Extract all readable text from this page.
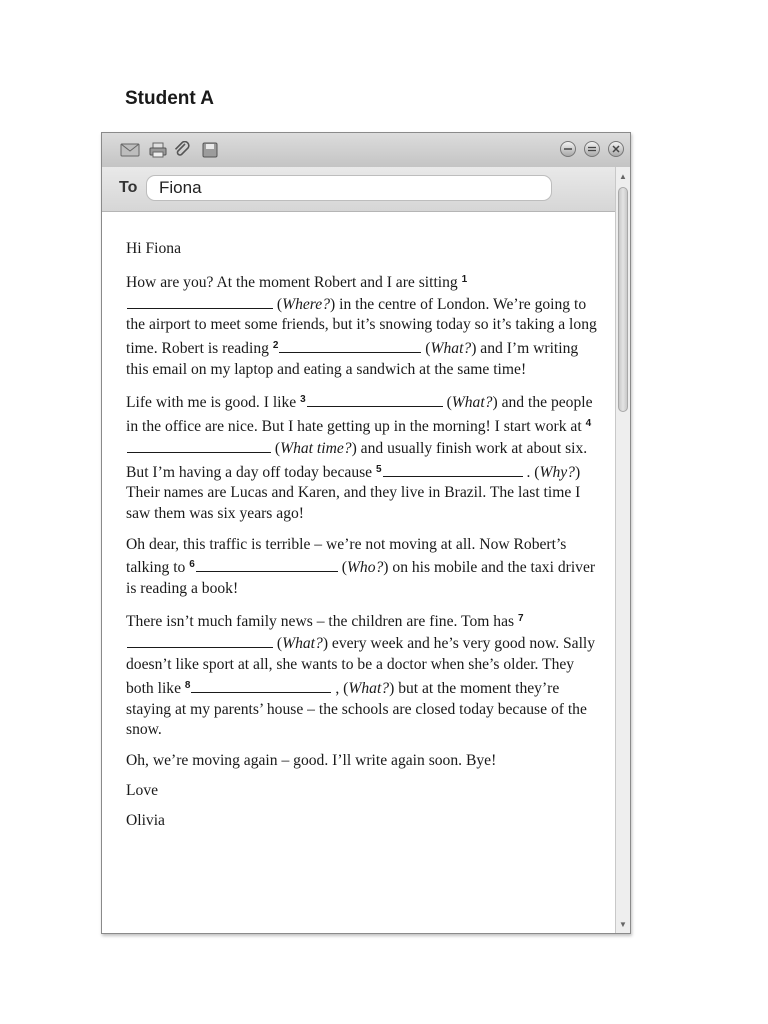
Student A
To	Fiona
▲
▼

Hi Fiona

How are you? At the moment Robert and I are sitting $^1$ (Where?) in the centre of London. We’re going to the airport to meet some friends, but it’s snowing today so it’s taking a long time. Robert is reading $^2$	(What?) and I’m writing this email on my laptop and eating a sandwich at the same time!

Life with me is good. I like $^3$	(What?) and the people in the office are nice. But I hate getting up in the morning! I start work at $^4$ (What time?) and usually finish work at about six. But I’m having a day off today because $^5$	. (Why?) Their names are Lucas and Karen, and they live in Brazil. The last time I saw them was six years ago!

Oh dear, this traffic is terrible – we’re not moving at all. Now Robert’s talking to $^6$	(Who?) on his mobile and the taxi driver is reading a book!

There isn’t much family news – the children are fine. Tom has $^7$ (What?) every week and he’s very good now. Sally doesn’t like sport at all, she wants to be a doctor when she’s older. They both like $^8$	, (What?) but at the moment they’re staying at my parents’ house – the schools are closed today because of the snow.

Oh, we’re moving again – good. I’ll write again soon. Bye!

Love

Olivia
